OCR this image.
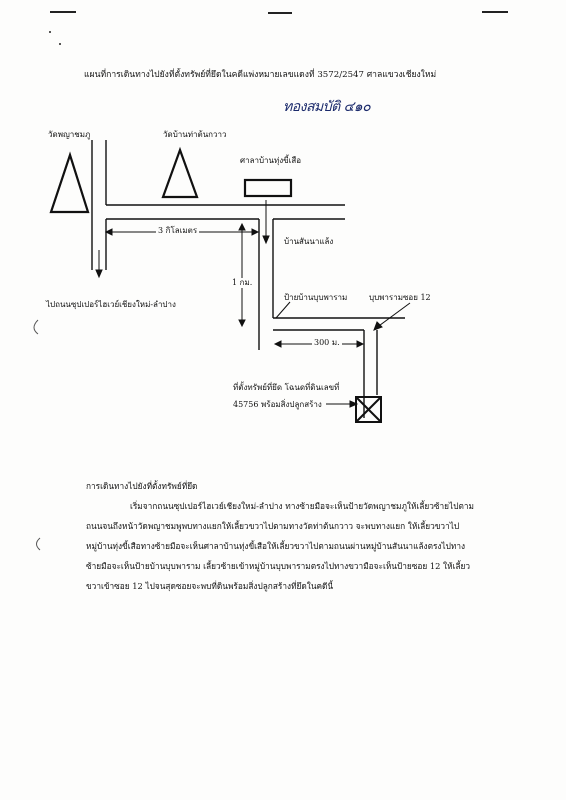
แผนที่การเดินทางไปยังที่ตั้งทรัพย์ที่ยึดในคดีแพ่งหมายเลขแดงที่ 3572/2547 ศาลแขวงเชียงใหม่
ทองสมบัติ ๔๑๐
วัดพญาชมภู	วัดบ้านท่าต้นกวาว
ศาลาบ้านทุ่งขี้เสือ
บ้านสันนาแล้ง
3 กิโลเมตร
1 กม.
ป้ายบ้านบุบพาราม	บุบพารามซอย 12
300 ม.
ไปถนนซุปเปอร์ไฮเวย์เชียงใหม่-ลำปาง
ที่ตั้งทรัพย์ที่ยึด โฉนดที่ดินเลขที่
45756 พร้อมสิ่งปลูกสร้าง
การเดินทางไปยังที่ตั้งทรัพย์ที่ยึด
เริ่มจากถนนซุปเปอร์ไฮเวย์เชียงใหม่-ลำปาง ทางซ้ายมือจะเห็นป้ายวัดพญาชมภูให้เลี้ยวซ้ายไปตาม
ถนนจนถึงหน้าวัดพญาชมพูพบทางแยกให้เลี้ยวขวาไปตามทางวัดท่าต้นกวาว จะพบทางแยก ให้เลี้ยวขวาไป
หมู่บ้านทุ่งขี้เสือทางซ้ายมือจะเห็นศาลาบ้านทุ่งขี้เสือให้เลี้ยวขวาไปตามถนนผ่านหมู่บ้านสันนาแล้งตรงไปทาง
ซ้ายมือจะเห็นป้ายบ้านบุบพาราม เลี้ยวซ้ายเข้าหมู่บ้านบุบพารามตรงไปทางขวามือจะเห็นป้ายซอย 12 ให้เลี้ยว
ขวาเข้าซอย 12 ไปจนสุดซอยจะพบที่ดินพร้อมสิ่งปลูกสร้างที่ยึดในคดีนี้
